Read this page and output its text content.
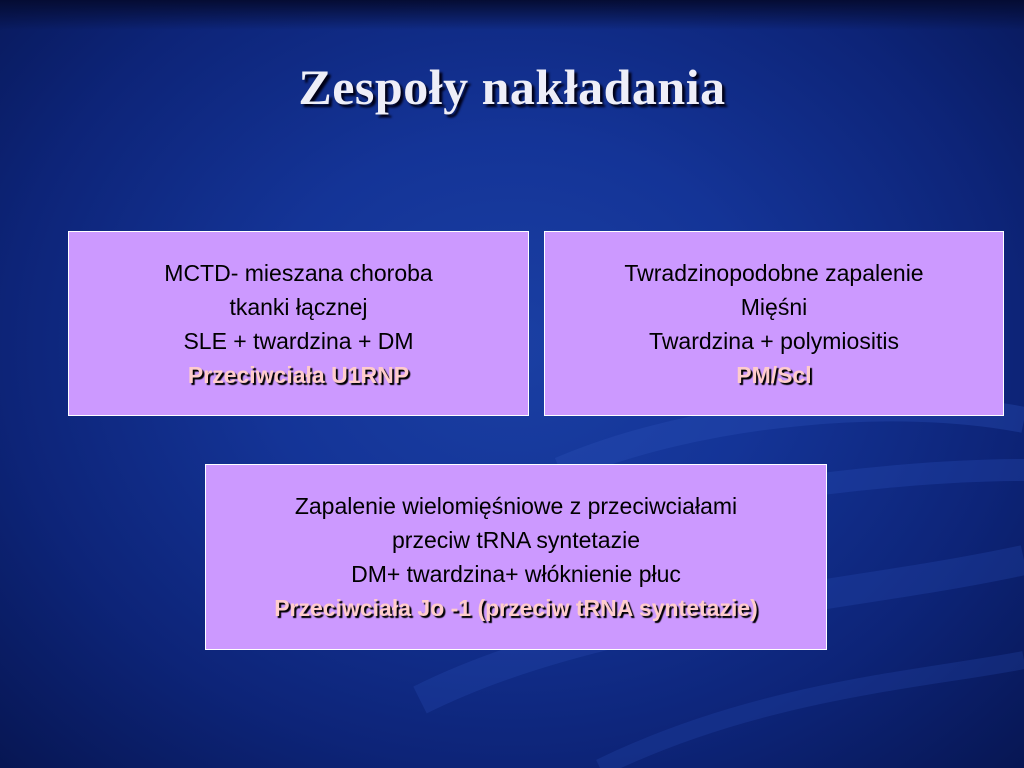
Zespoły nakładania
MCTD- mieszana choroba
tkanki łącznej
SLE + twardzina + DM
Przeciwciała U1RNP
Twradzinopodobne zapalenie
Mięśni
Twardzina + polymiositis
PM/Scl
Zapalenie wielomięśniowe z przeciwciałami
przeciw tRNA syntetazie
DM+ twardzina+ włóknienie płuc
Przeciwciała Jo -1 (przeciw tRNA syntetazie)
